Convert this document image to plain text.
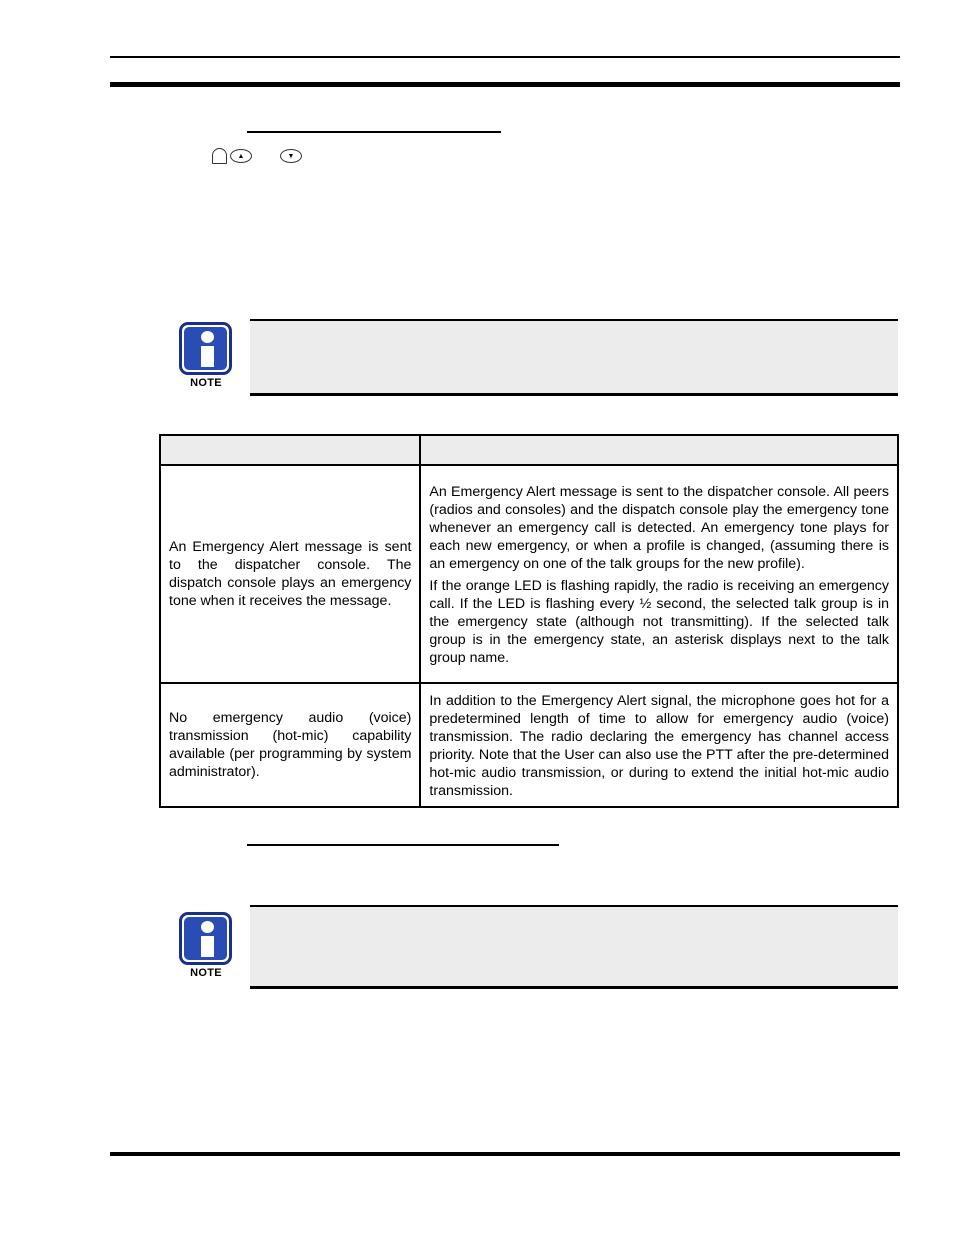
▲	▼
NOTE

An Emergency Alert message is sent to the dispatcher console. The dispatch console plays an emergency tone when it receives the message.	An Emergency Alert message is sent to the dispatcher console. All peers (radios and consoles) and the dispatch console play the emergency tone whenever an emergency call is detected. An emergency tone plays for each new emergency, or when a profile is changed, (assuming there is an emergency on one of the talk groups for the new profile).

If the orange LED is flashing rapidly, the radio is receiving an emergency call. If the LED is flashing every ½ second, the selected talk group is in the emergency state (although not transmitting). If the selected talk group is in the emergency state, an asterisk displays next to the talk group name.

No emergency audio (voice) transmission (hot-mic) capability available (per programming by system administrator).	In addition to the Emergency Alert signal, the microphone goes hot for a predetermined length of time to allow for emergency audio (voice) transmission. The radio declaring the emergency has channel access priority. Note that the User can also use the PTT after the pre-determined hot-mic audio transmission, or during to extend the initial hot-mic audio transmission.

NOTE
